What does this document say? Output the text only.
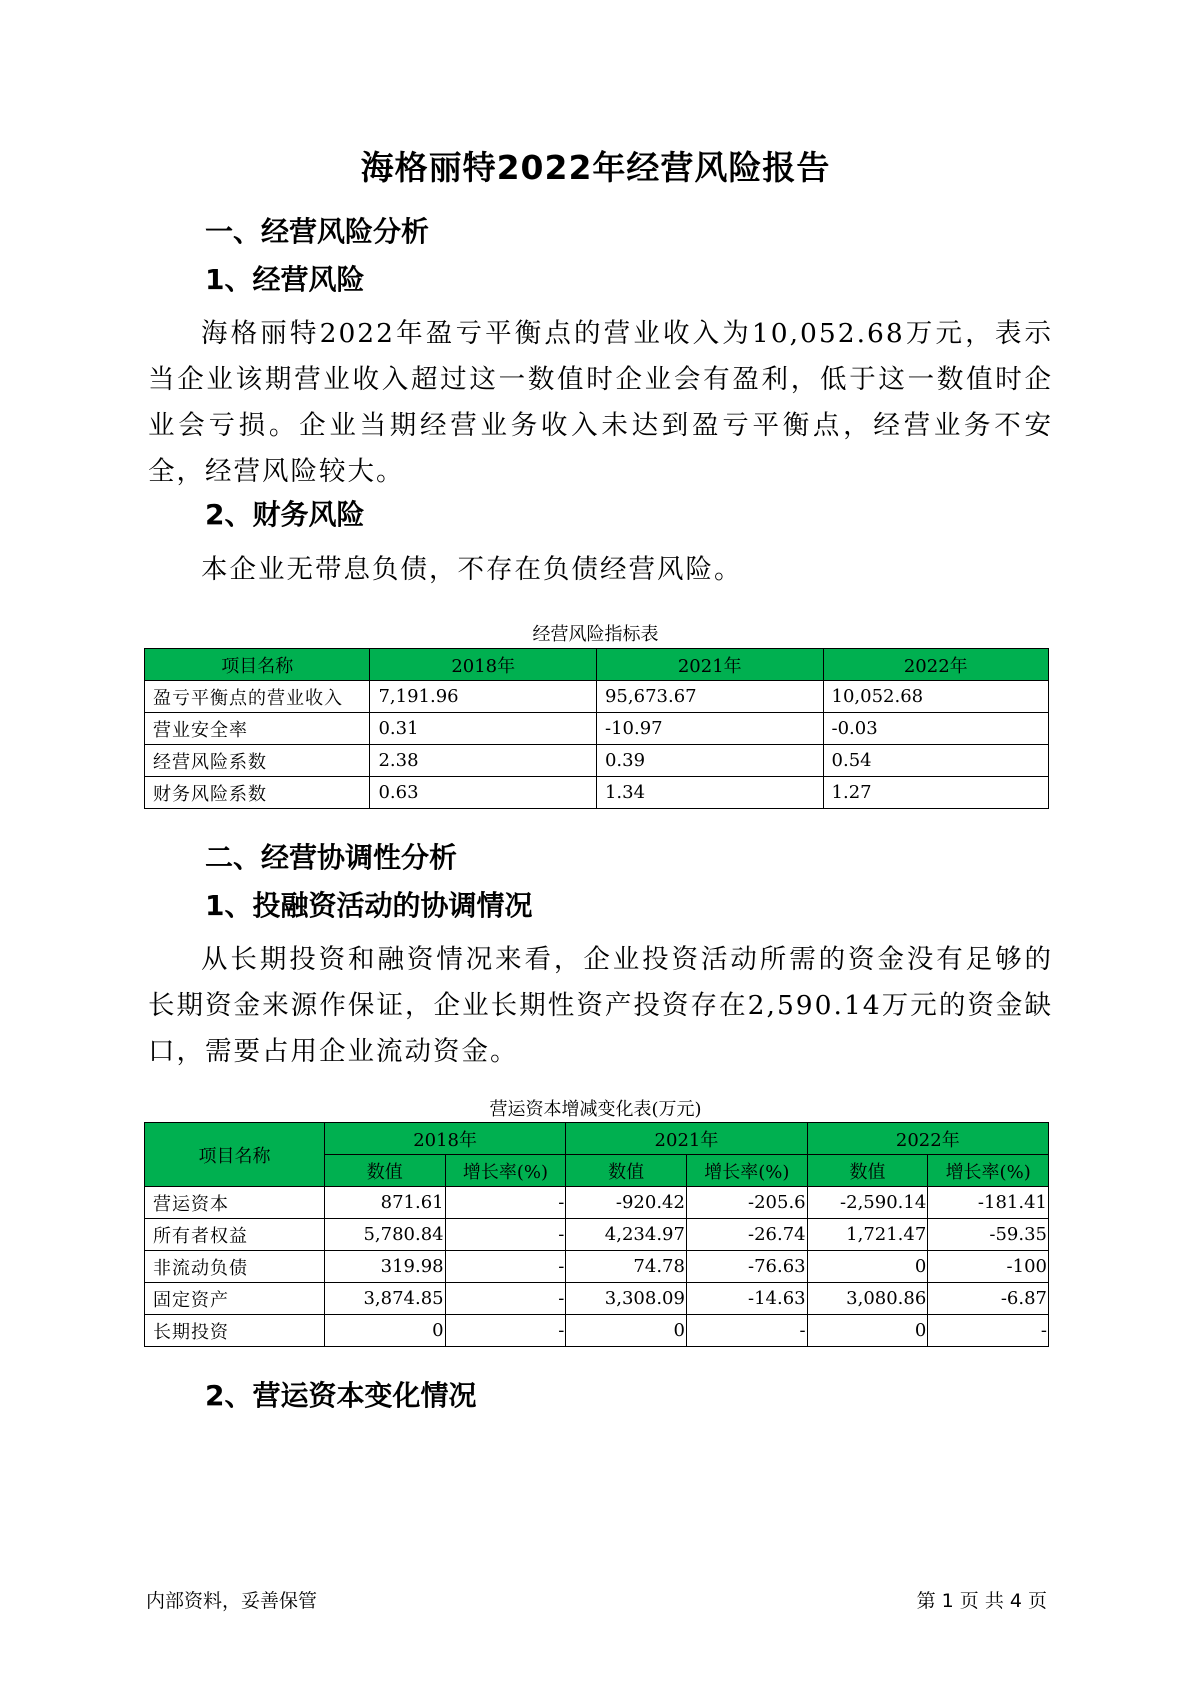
海格丽特2022年经营风险报告
一、经营风险分析
1、经营风险
海格丽特2022年盈亏平衡点的营业收入为10,052.68万元，表示当企业该期营业收入超过这一数值时企业会有盈利，低于这一数值时企业会亏损。企业当期经营业务收入未达到盈亏平衡点，经营业务不安全，经营风险较大。
2、财务风险
本企业无带息负债，不存在负债经营风险。
经营风险指标表
项目名称	2018年	2021年	2022年
盈亏平衡点的营业收入	7,191.96	95,673.67	10,052.68
营业安全率	0.31	-10.97	-0.03
经营风险系数	2.38	0.39	0.54
财务风险系数	0.63	1.34	1.27
二、经营协调性分析
1、投融资活动的协调情况
从长期投资和融资情况来看，企业投资活动所需的资金没有足够的长期资金来源作保证，企业长期性资产投资存在2,590.14万元的资金缺口，需要占用企业流动资金。
营运资本增减变化表(万元)
项目名称	2018年		2021年		2022年	
	数值	增长率(%)	数值	增长率(%)	数值	增长率(%)
营运资本	871.61	-	-920.42	-205.6	-2,590.14	-181.41
所有者权益	5,780.84	-	4,234.97	-26.74	1,721.47	-59.35
非流动负债	319.98	-	74.78	-76.63	0	-100
固定资产	3,874.85	-	3,308.09	-14.63	3,080.86	-6.87
长期投资	0	-	0	-	0	-
2、营运资本变化情况
内部资料，妥善保管	第 1 页 共 4 页
